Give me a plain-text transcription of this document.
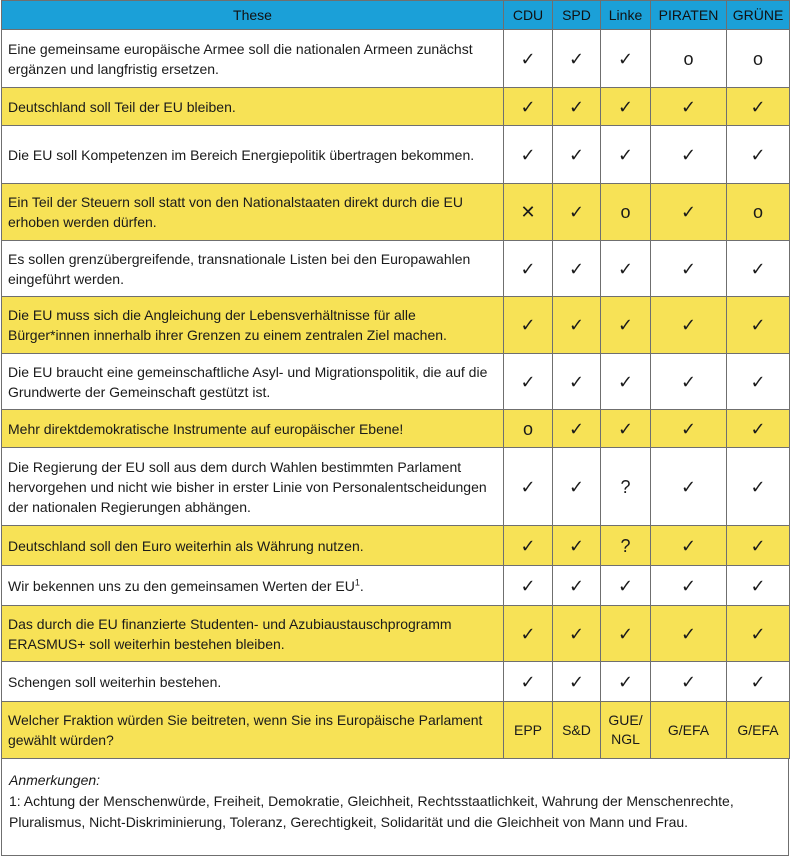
These	CDU	SPD	Linke	PIRATEN	GRÜNE
Eine gemeinsame europäische Armee soll die nationalen Armeen zunächst ergänzen und langfristig ersetzen.	✓	✓	✓	o	o
Deutschland soll Teil der EU bleiben.	✓	✓	✓	✓	✓
Die EU soll Kompetenzen im Bereich Energiepolitik übertragen bekommen.	✓	✓	✓	✓	✓
Ein Teil der Steuern soll statt von den Nationalstaaten direkt durch die EU erhoben werden dürfen.	✕	✓	o	✓	o
Es sollen grenzübergreifende, transnationale Listen bei den Europawahlen eingeführt werden.	✓	✓	✓	✓	✓
Die EU muss sich die Angleichung der Lebensverhältnisse für alle Bürger*innen innerhalb ihrer Grenzen zu einem zentralen Ziel machen.	✓	✓	✓	✓	✓
Die EU braucht eine gemeinschaftliche Asyl- und Migrationspolitik, die auf die Grundwerte der Gemeinschaft gestützt ist.	✓	✓	✓	✓	✓
Mehr direktdemokratische Instrumente auf europäischer Ebene!	o	✓	✓	✓	✓
Die Regierung der EU soll aus dem durch Wahlen bestimmten Parlament hervorgehen und nicht wie bisher in erster Linie von Personalentscheidungen der nationalen Regierungen abhängen.	✓	✓	?	✓	✓
Deutschland soll den Euro weiterhin als Währung nutzen.	✓	✓	?	✓	✓
Wir bekennen uns zu den gemeinsamen Werten der $EU^1$.	✓	✓	✓	✓	✓
Das durch die EU finanzierte Studenten- und Azubiaustauschprogramm ERASMUS+ soll weiterhin bestehen bleiben.	✓	✓	✓	✓	✓
Schengen soll weiterhin bestehen.	✓	✓	✓	✓	✓
Welcher Fraktion würden Sie beitreten, wenn Sie ins Europäische Parlament gewählt würden?	EPP	S&D	GUE/ NGL	G/EFA	G/EFA
Anmerkungen:
1: Achtung der Menschenwürde, Freiheit, Demokratie, Gleichheit, Rechtsstaatlichkeit, Wahrung der Menschenrechte, Pluralismus, Nicht-Diskriminierung, Toleranz, Gerechtigkeit, Solidarität und die Gleichheit von Mann und Frau.
